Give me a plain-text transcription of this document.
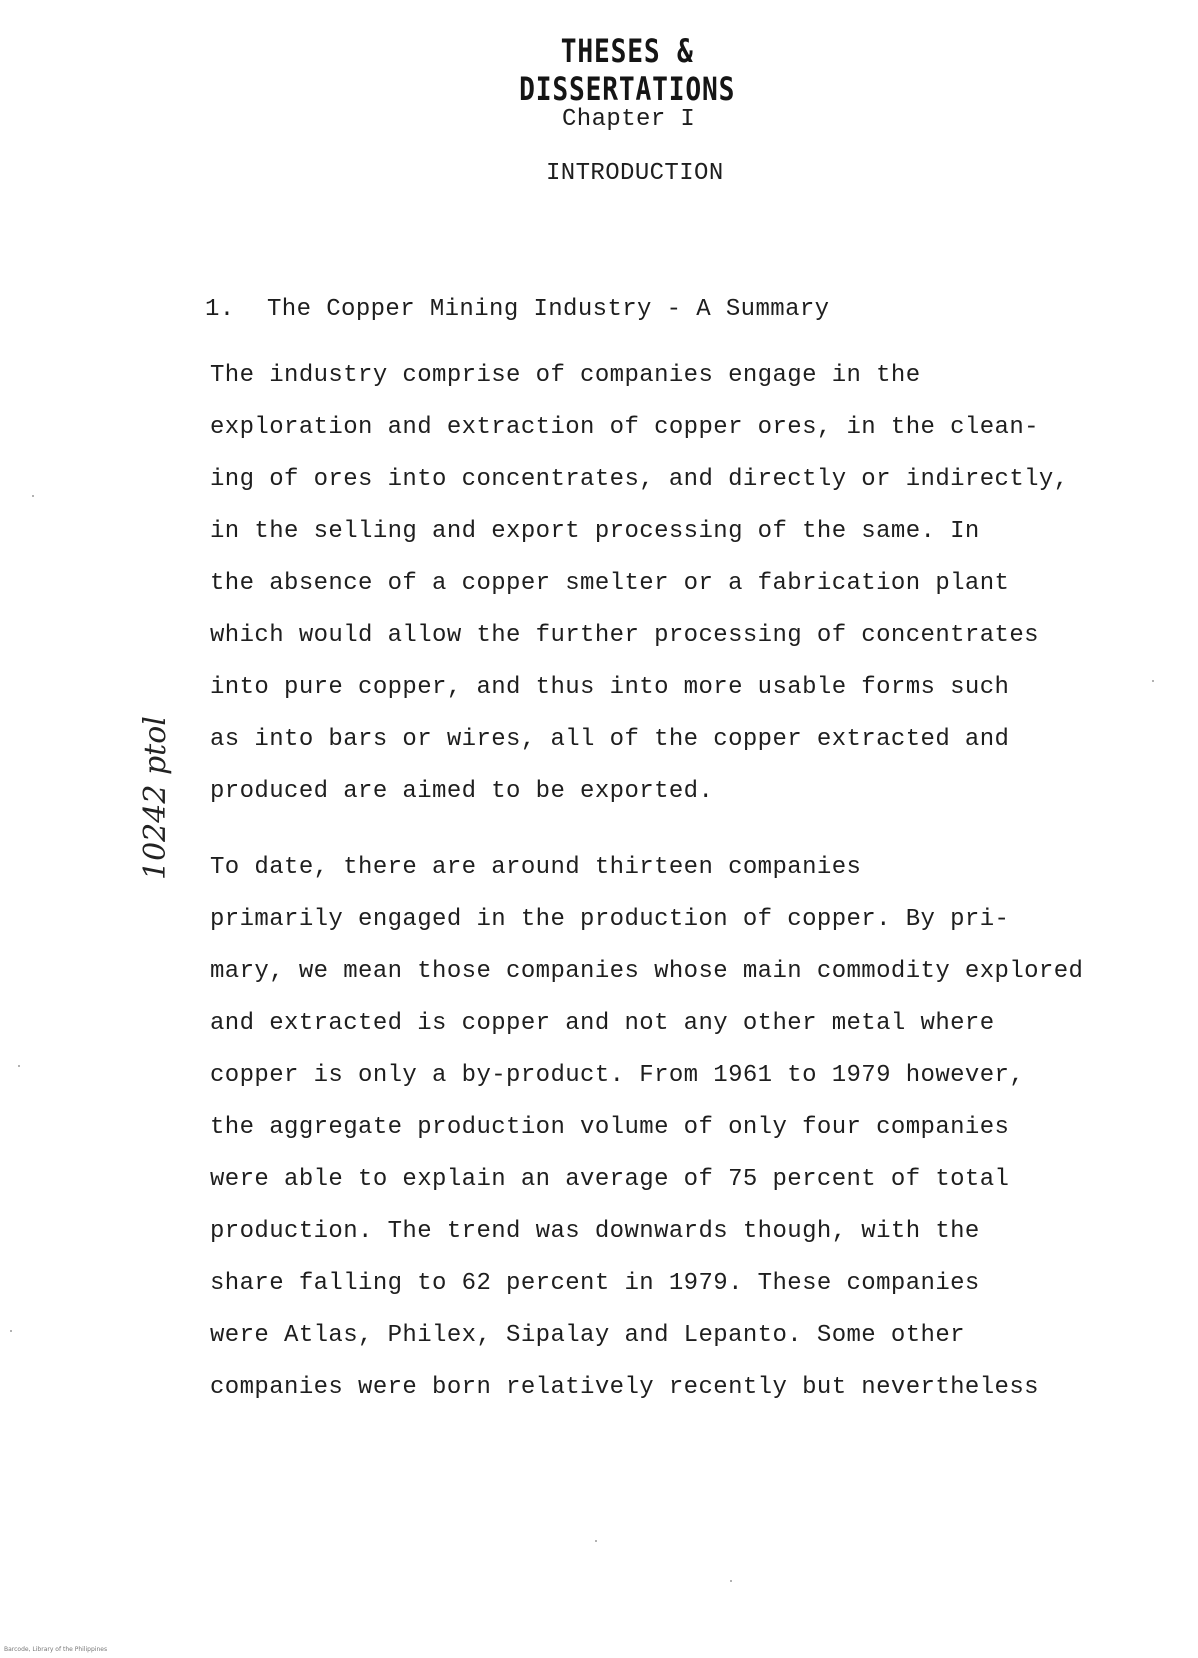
THESES & DISSERTATIONS
Chapter I
INTRODUCTION
1. The Copper Mining Industry - A Summary
The industry comprise of companies engage in the
exploration and extraction of copper ores, in the clean-
ing of ores into concentrates, and directly or indirectly,
in the selling and export processing of the same. In
the absence of a copper smelter or a fabrication plant
which would allow the further processing of concentrates
into pure copper, and thus into more usable forms such
as into bars or wires, all of the copper extracted and
produced are aimed to be exported.
To date, there are around thirteen companies
primarily engaged in the production of copper. By pri-
mary, we mean those companies whose main commodity explored
and extracted is copper and not any other metal where
copper is only a by-product. From 1961 to 1979 however,
the aggregate production volume of only four companies
were able to explain an average of 75 percent of total
production. The trend was downwards though, with the
share falling to 62 percent in 1979. These companies
were Atlas, Philex, Sipalay and Lepanto. Some other
companies were born relatively recently but nevertheless
10242 ptol
Barcode, Library of the Philippines
